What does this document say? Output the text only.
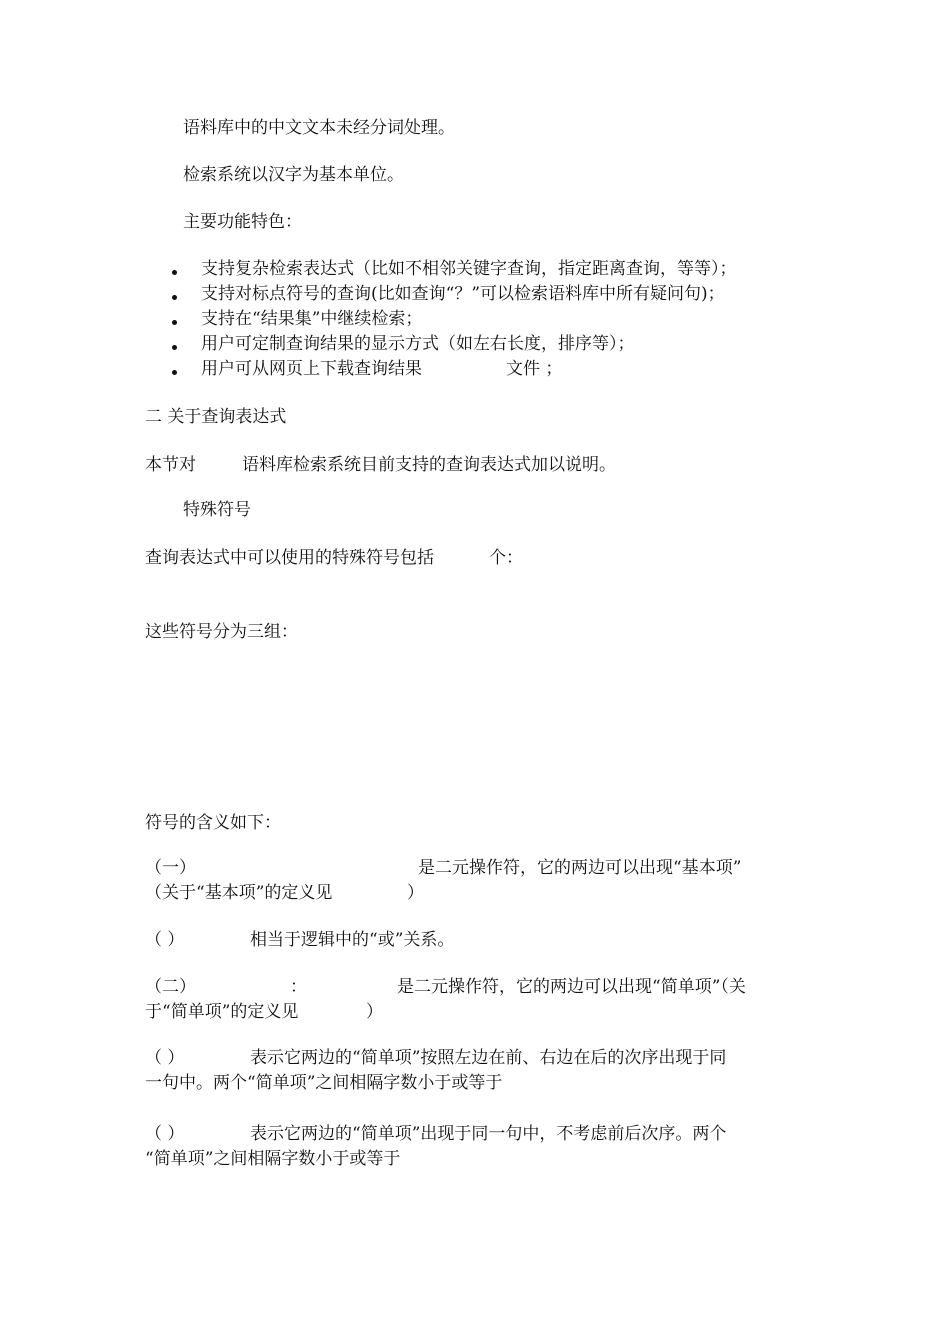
语料库中的中文文本未经分词处理。
检索系统以汉字为基本单位。
主要功能特色：
支持复杂检索表达式（比如不相邻关键字查询，指定距离查询，等等）；
支持对标点符号的查询(比如查询“？”可以检索语料库中所有疑问句)；
支持在“结果集”中继续检索；
用户可定制查询结果的显示方式（如左右长度，排序等）；
用户可从网页上下载查询结果	文件 ；
二 关于查询表达式
本节对	语料库检索系统目前支持的查询表达式加以说明。
特殊符号
查询表达式中可以使用的特殊符号包括	个：
这些符号分为三组：
符号的含义如下：
（一）	是二元操作符，它的两边可以出现“基本项”
（关于“基本项”的定义见	）
（ ）	相当于逻辑中的“或”关系。
（二）	：	是二元操作符，它的两边可以出现“简单项”（关
于“简单项”的定义见	）
（ ）	表示它两边的“简单项”按照左边在前、右边在后的次序出现于同
一句中。两个“简单项”之间相隔字数小于或等于
（ ）	表示它两边的“简单项”出现于同一句中，不考虑前后次序。两个
“简单项”之间相隔字数小于或等于
